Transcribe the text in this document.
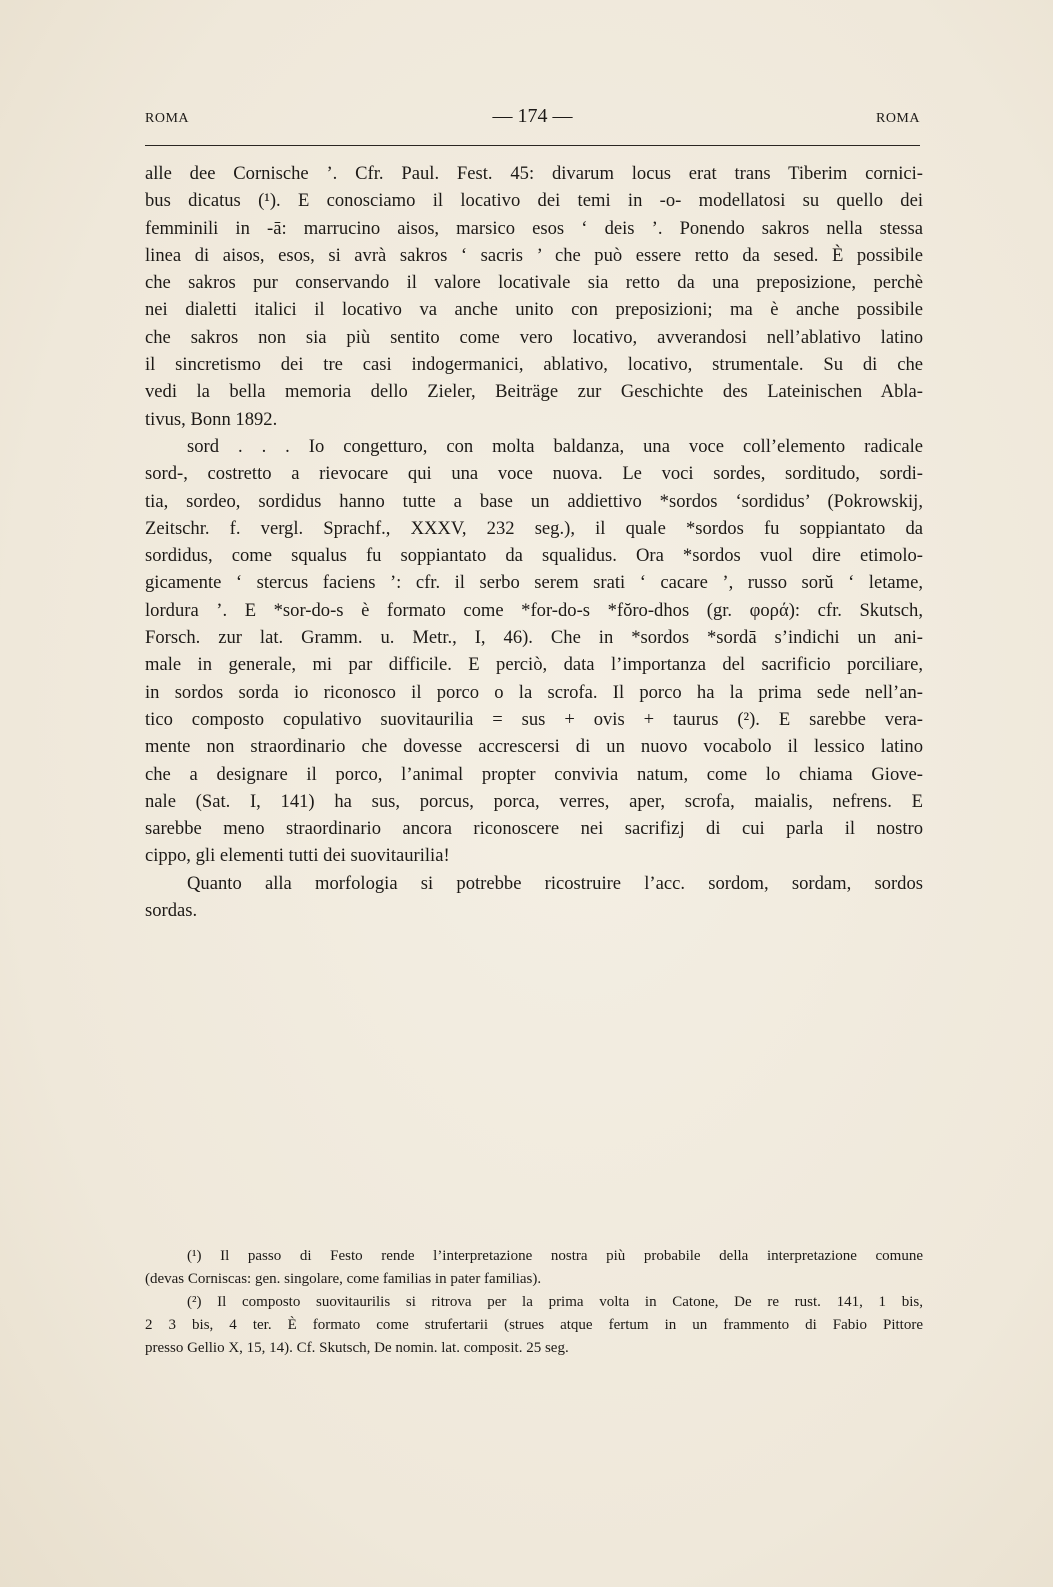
ROMA	— 174 —	ROMA
alle dee Cornische ’. Cfr. Paul. Fest. 45: divarum locus erat trans Tiberim cornici-
bus dicatus (¹). E conosciamo il locativo dei temi in -o- modellatosi su quello dei
femminili in -ā: marrucino aisos, marsico esos ‘ deis ’. Ponendo sakros nella stessa
linea di aisos, esos, si avrà sakros ‘ sacris ’ che può essere retto da sesed. È possibile
che sakros pur conservando il valore locativale sia retto da una preposizione, perchè
nei dialetti italici il locativo va anche unito con preposizioni; ma è anche possibile
che sakros non sia più sentito come vero locativo, avverandosi nell’ablativo latino
il sincretismo dei tre casi indogermanici, ablativo, locativo, strumentale. Su di che
vedi la bella memoria dello Zieler, Beiträge zur Geschichte des Lateinischen Abla-
tivus, Bonn 1892.
sord . . . Io congetturo, con molta baldanza, una voce coll’elemento radicale
sord-, costretto a rievocare qui una voce nuova. Le voci sordes, sorditudo, sordi-
tia, sordeo, sordidus hanno tutte a base un addiettivo *sordos ‘sordidus’ (Pokrowskij,
Zeitschr. f. vergl. Sprachf., XXXV, 232 seg.), il quale *sordos fu soppiantato da
sordidus, come squalus fu soppiantato da squalidus. Ora *sordos vuol dire etimolo-
gicamente ‘ stercus faciens ’: cfr. il serbo serem srati ‘ cacare ’, russo sorŭ ‘ letame,
lordura ’. E *sor-do-s è formato come *for-do-s *fŏro-dhos (gr. φορά): cfr. Skutsch,
Forsch. zur lat. Gramm. u. Metr., I, 46). Che in *sordos *sordā s’indichi un ani-
male in generale, mi par difficile. E perciò, data l’importanza del sacrificio porciliare,
in sordos sorda io riconosco il porco o la scrofa. Il porco ha la prima sede nell’an-
tico composto copulativo suovitaurilia = sus + ovis + taurus (²). E sarebbe vera-
mente non straordinario che dovesse accrescersi di un nuovo vocabolo il lessico latino
che a designare il porco, l’animal propter convivia natum, come lo chiama Giove-
nale (Sat. I, 141) ha sus, porcus, porca, verres, aper, scrofa, maialis, nefrens. E
sarebbe meno straordinario ancora riconoscere nei sacrifizj di cui parla il nostro
cippo, gli elementi tutti dei suovitaurilia!
Quanto alla morfologia si potrebbe ricostruire l’acc. sordom, sordam, sordos
sordas.
(¹) Il passo di Festo rende l’interpretazione nostra più probabile della interpretazione comune
(devas Corniscas: gen. singolare, come familias in pater familias).
(²) Il composto suovitaurilis si ritrova per la prima volta in Catone, De re rust. 141, 1 bis,
2 3 bis, 4 ter. È formato come strufertarii (strues atque fertum in un frammento di Fabio Pittore
presso Gellio X, 15, 14). Cf. Skutsch, De nomin. lat. composit. 25 seg.
